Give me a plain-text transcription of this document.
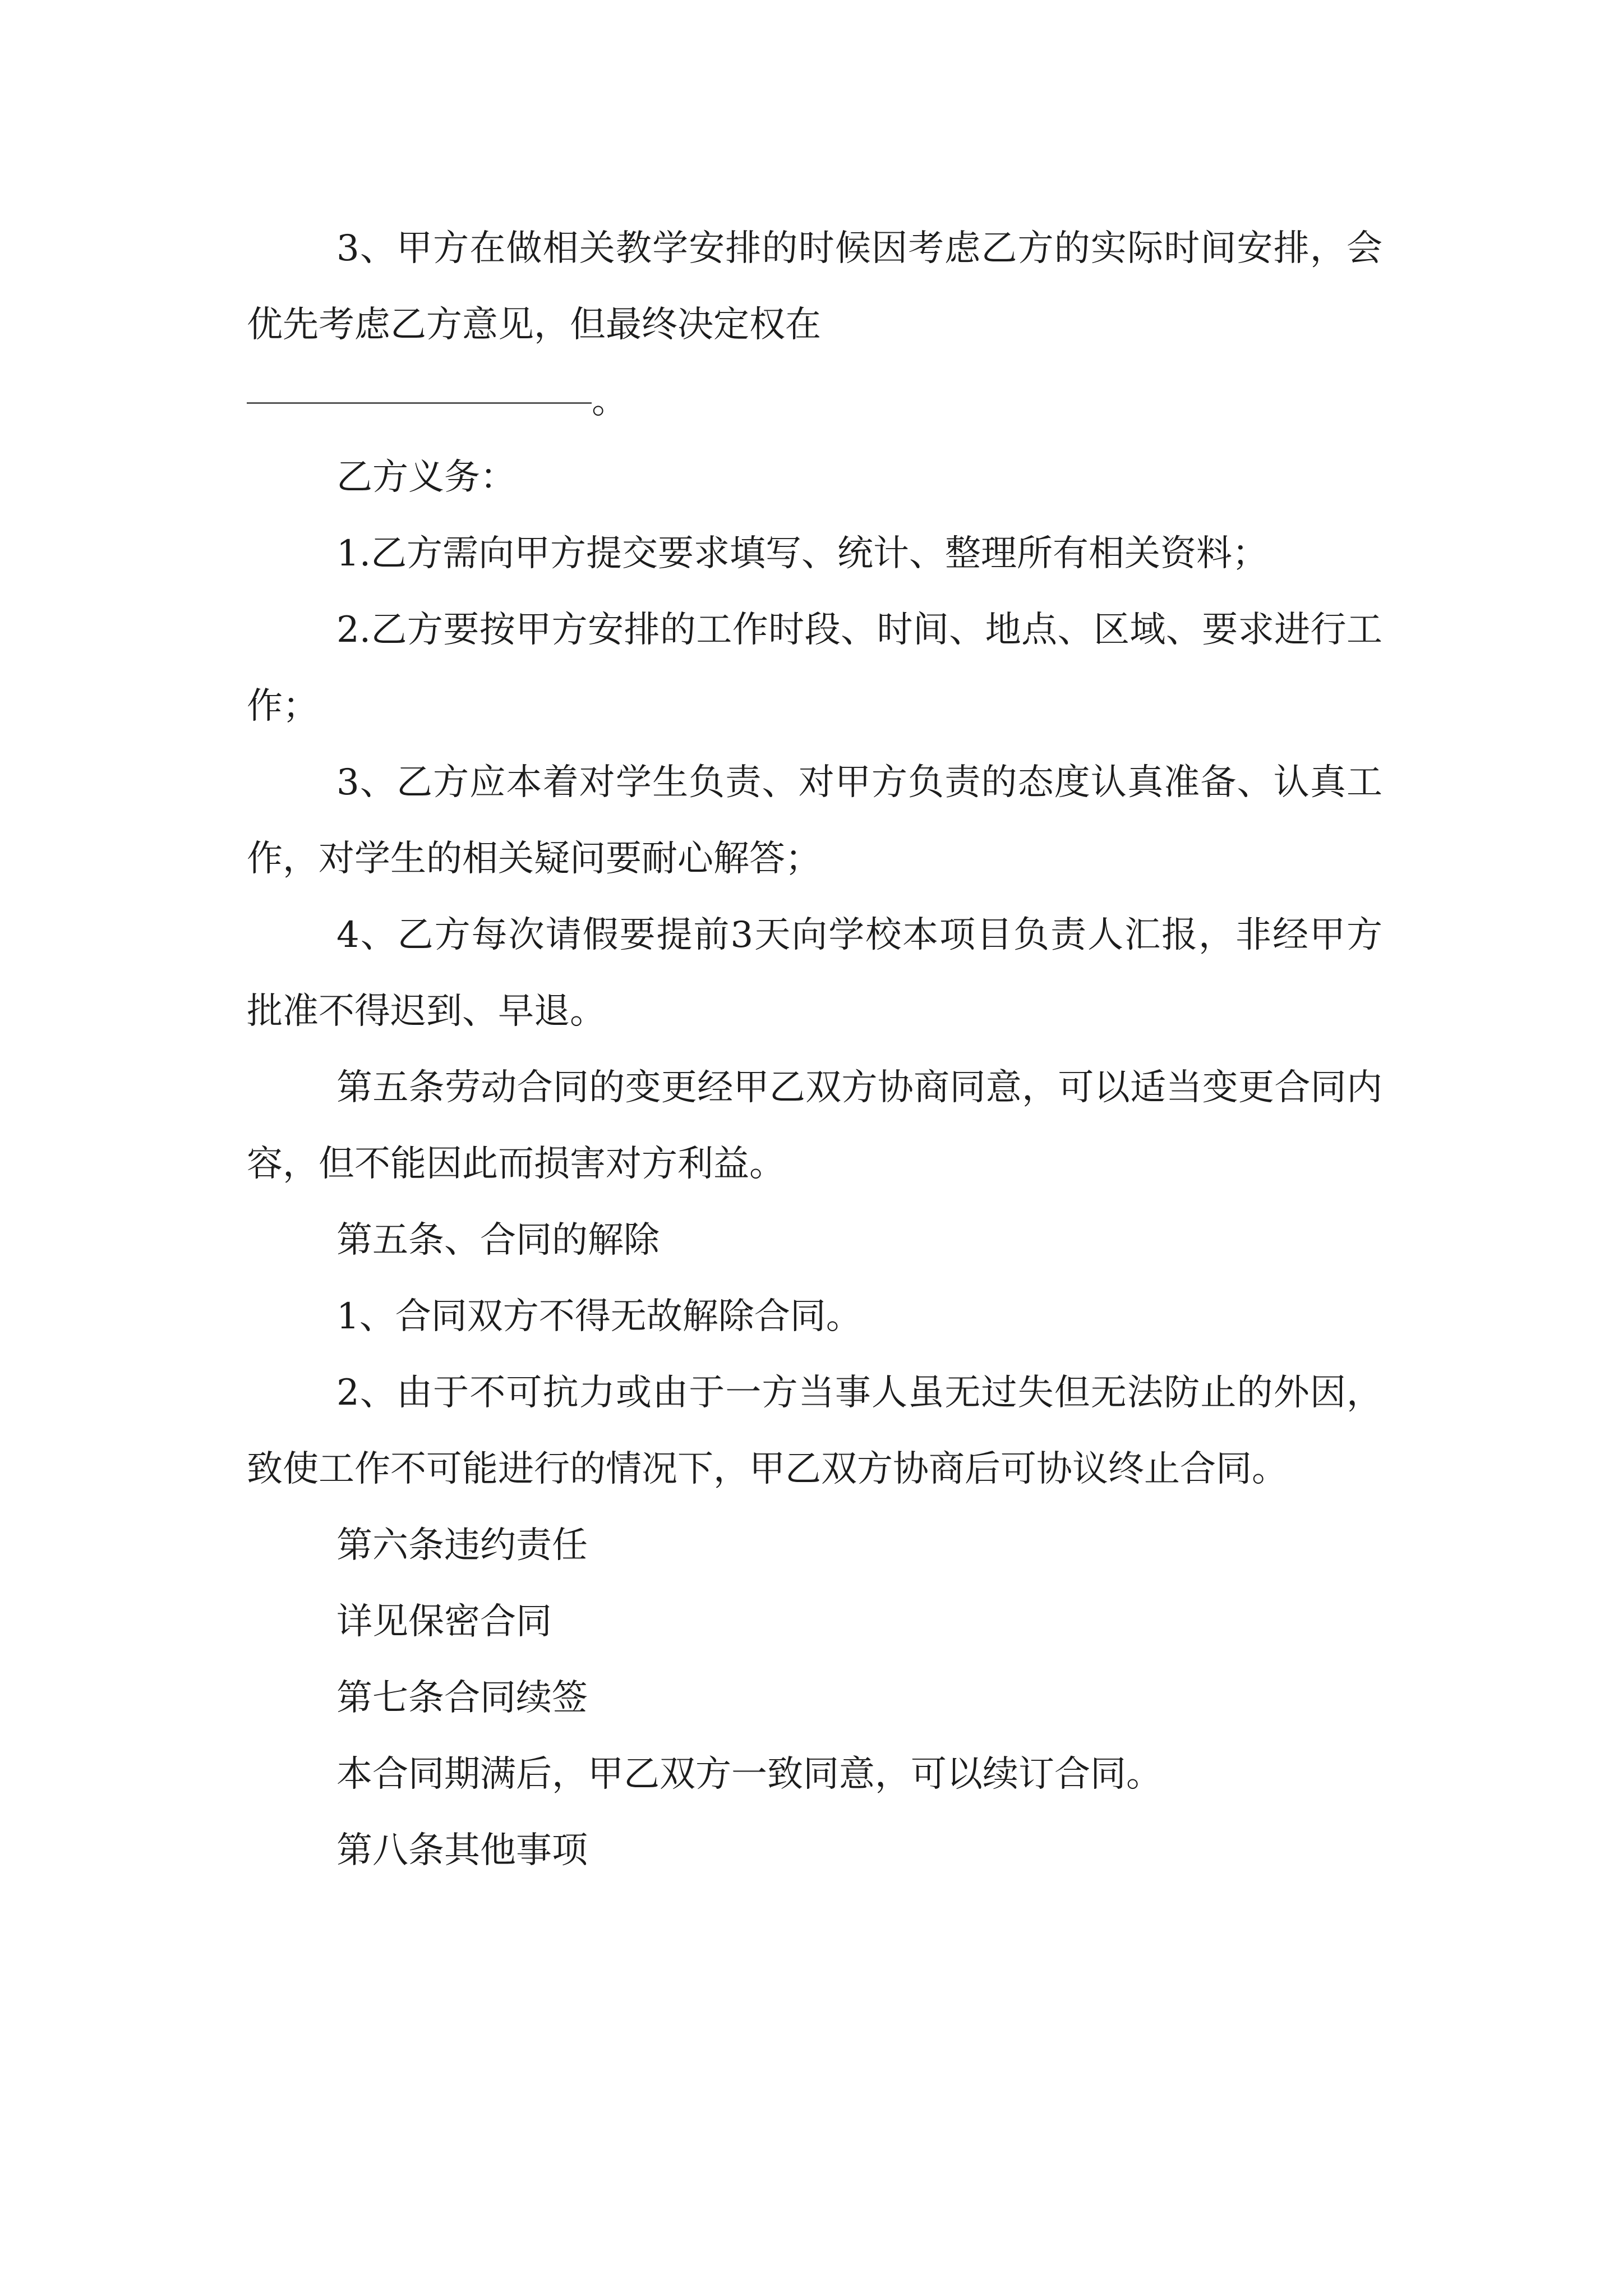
3、甲方在做相关教学安排的时候因考虑乙方的实际时间安排，会优先考虑乙方意见，但最终决定权在

。

乙方义务：

1.乙方需向甲方提交要求填写、统计、整理所有相关资料；

2.乙方要按甲方安排的工作时段、时间、地点、区域、要求进行工作；

3、乙方应本着对学生负责、对甲方负责的态度认真准备、认真工作，对学生的相关疑问要耐心解答；

4、乙方每次请假要提前3天向学校本项目负责人汇报，非经甲方批准不得迟到、早退。

第五条劳动合同的变更经甲乙双方协商同意，可以适当变更合同内容，但不能因此而损害对方利益。

第五条、合同的解除

1、合同双方不得无故解除合同。

2、由于不可抗力或由于一方当事人虽无过失但无法防止的外因，致使工作不可能进行的情况下，甲乙双方协商后可协议终止合同。

第六条违约责任

详见保密合同

第七条合同续签

本合同期满后，甲乙双方一致同意，可以续订合同。

第八条其他事项
